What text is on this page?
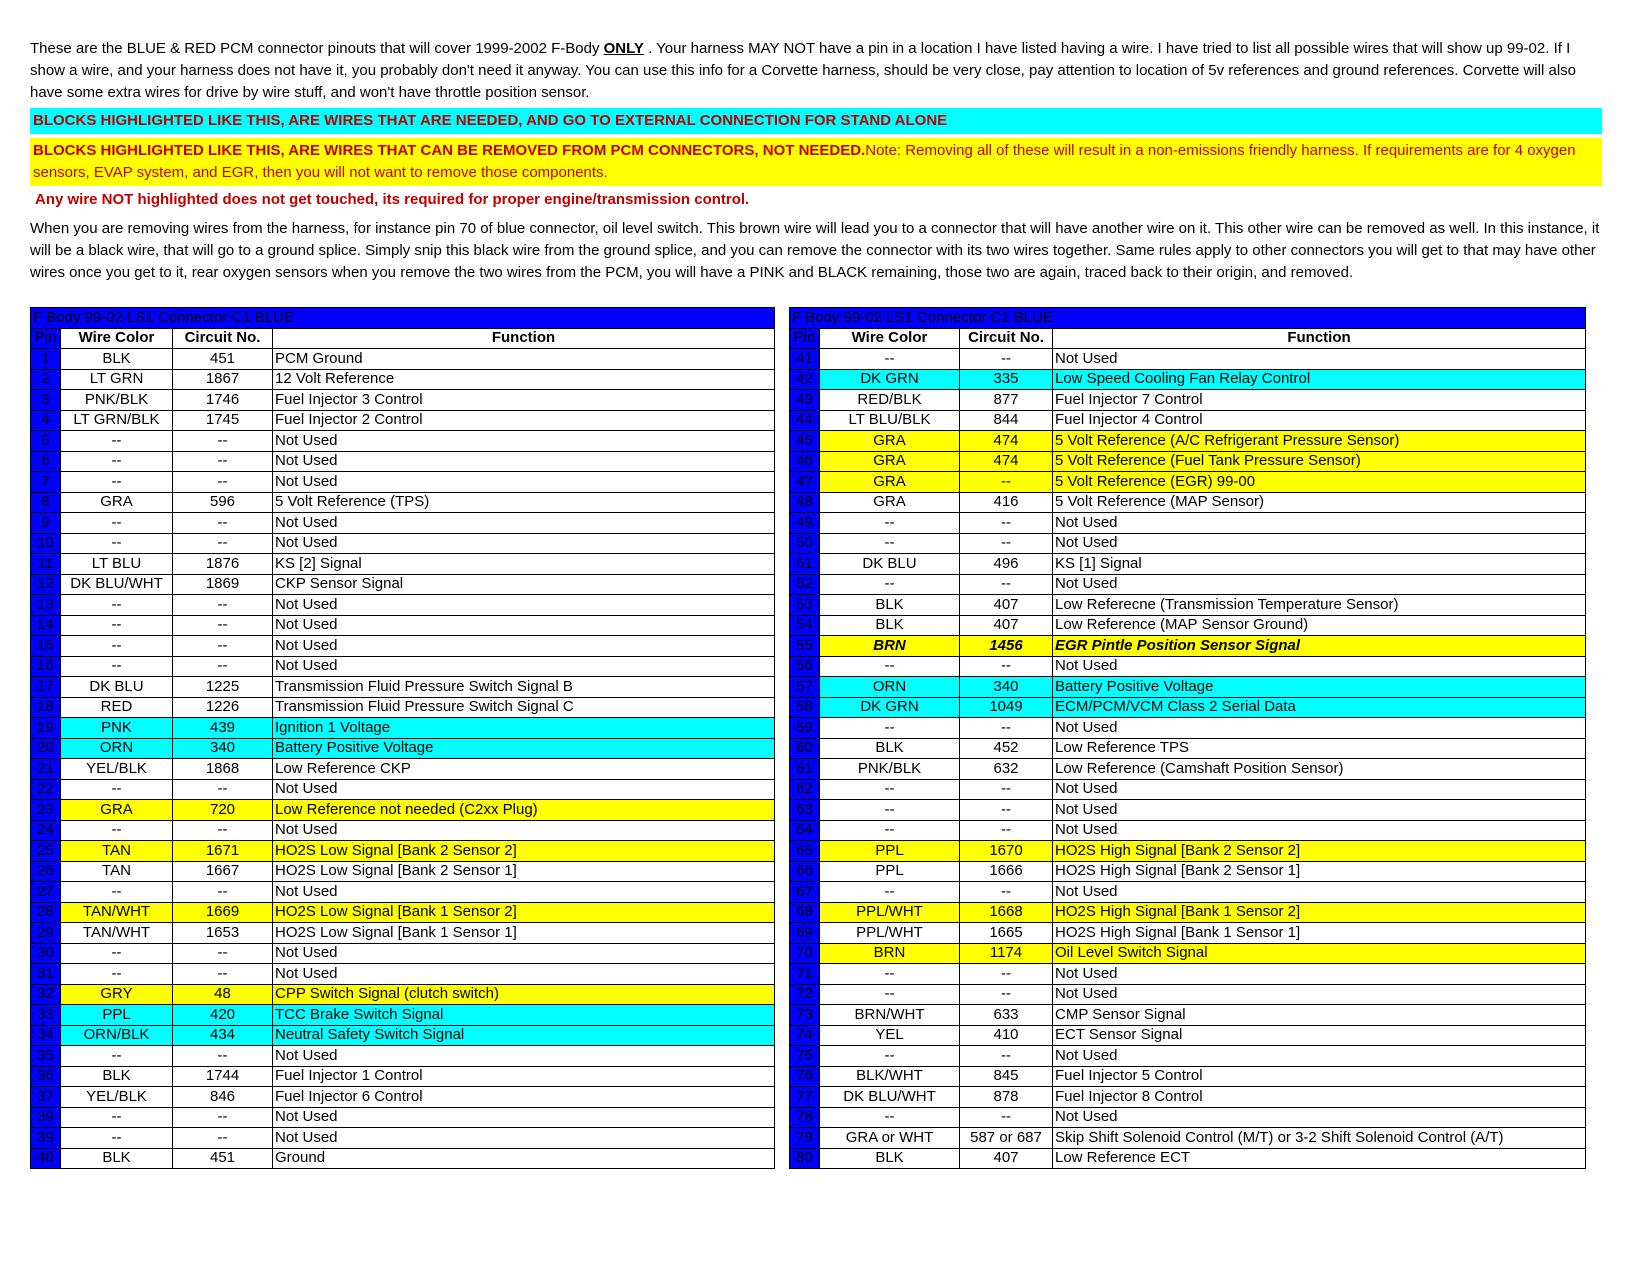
These are the BLUE & RED PCM connector pinouts that will cover 1999-2002 F-Body ONLY . Your harness MAY NOT have a pin in a location I have listed having a wire. I have tried to list all possible wires that will show up 99-02. If I show a wire, and your harness does not have it, you probably don't need it anyway. You can use this info for a Corvette harness, should be very close, pay attention to location of 5v references and ground references. Corvette will also have some extra wires for drive by wire stuff, and won't have throttle position sensor.

BLOCKS HIGHLIGHTED LIKE THIS, ARE WIRES THAT ARE NEEDED, AND GO TO EXTERNAL CONNECTION FOR STAND ALONE
BLOCKS HIGHLIGHTED LIKE THIS, ARE WIRES THAT CAN BE REMOVED FROM PCM CONNECTORS, NOT NEEDED.Note: Removing all of these will result in a non-emissions friendly harness. If requirements are for 4 oxygen sensors, EVAP system, and EGR, then you will not want to remove those components.
Any wire NOT highlighted does not get touched, its required for proper engine/transmission control.

When you are removing wires from the harness, for instance pin 70 of blue connector, oil level switch. This brown wire will lead you to a connector that will have another wire on it. This other wire can be removed as well. In this instance, it will be a black wire, that will go to a ground splice. Simply snip this black wire from the ground splice, and you can remove the connector with its two wires together. Same rules apply to other connectors you will get to that may have other wires once you get to it, rear oxygen sensors when you remove the two wires from the PCM, you will have a PINK and BLACK remaining, those two are again, traced back to their origin, and removed.

F Body 99-02 LS1 Connector C1 BLUE			
Pin	Wire Color	Circuit No.	Function
1	BLK	451	PCM Ground
2	LT GRN	1867	12 Volt Reference
3	PNK/BLK	1746	Fuel Injector 3 Control
4	LT GRN/BLK	1745	Fuel Injector 2 Control
5	--	--	Not Used
6	--	--	Not Used
7	--	--	Not Used
8	GRA	596	5 Volt Reference (TPS)
9	--	--	Not Used
10	--	--	Not Used
11	LT BLU	1876	KS [2] Signal
12	DK BLU/WHT	1869	CKP Sensor Signal
13	--	--	Not Used
14	--	--	Not Used
15	--	--	Not Used
16	--	--	Not Used
17	DK BLU	1225	Transmission Fluid Pressure Switch Signal B
18	RED	1226	Transmission Fluid Pressure Switch Signal C
19	PNK	439	Ignition 1 Voltage
20	ORN	340	Battery Positive Voltage
21	YEL/BLK	1868	Low Reference CKP
22	--	--	Not Used
23	GRA	720	Low Reference not needed (C2xx Plug)
24	--	--	Not Used
25	TAN	1671	HO2S Low Signal [Bank 2 Sensor 2]
26	TAN	1667	HO2S Low Signal [Bank 2 Sensor 1]
27	--	--	Not Used
28	TAN/WHT	1669	HO2S Low Signal [Bank 1 Sensor 2]
29	TAN/WHT	1653	HO2S Low Signal [Bank 1 Sensor 1]
30	--	--	Not Used
31	--	--	Not Used
32	GRY	48	CPP Switch Signal (clutch switch)
33	PPL	420	TCC Brake Switch Signal
34	ORN/BLK	434	Neutral Safety Switch Signal
35	--	--	Not Used
36	BLK	1744	Fuel Injector 1 Control
37	YEL/BLK	846	Fuel Injector 6 Control
39	--	--	Not Used
39	--	--	Not Used
40	BLK	451	Ground
F Body 99-02 LS1 Connector C1 BLUE			
Pin	Wire Color	Circuit No.	Function
41	--	--	Not Used
42	DK GRN	335	Low Speed Cooling Fan Relay Control
43	RED/BLK	877	Fuel Injector 7 Control
44	LT BLU/BLK	844	Fuel Injector 4 Control
45	GRA	474	5 Volt Reference (A/C Refrigerant Pressure Sensor)
46	GRA	474	5 Volt Reference (Fuel Tank Pressure Sensor)
47	GRA	--	5 Volt Reference (EGR) 99-00
48	GRA	416	5 Volt Reference (MAP Sensor)
49	--	--	Not Used
50	--	--	Not Used
51	DK BLU	496	KS [1] Signal
52	--	--	Not Used
53	BLK	407	Low Referecne (Transmission Temperature Sensor)
54	BLK	407	Low Reference (MAP Sensor Ground)
55	BRN	1456	EGR Pintle Position Sensor Signal
56	--	--	Not Used
57	ORN	340	Battery Positive Voltage
58	DK GRN	1049	ECM/PCM/VCM Class 2 Serial Data
59	--	--	Not Used
60	BLK	452	Low Reference TPS
61	PNK/BLK	632	Low Reference (Camshaft Position Sensor)
62	--	--	Not Used
63	--	--	Not Used
64	--	--	Not Used
65	PPL	1670	HO2S High Signal [Bank 2 Sensor 2]
66	PPL	1666	HO2S High Signal [Bank 2 Sensor 1]
67	--	--	Not Used
68	PPL/WHT	1668	HO2S High Signal [Bank 1 Sensor 2]
69	PPL/WHT	1665	HO2S High Signal [Bank 1 Sensor 1]
70	BRN	1174	Oil Level Switch Signal
71	--	--	Not Used
72	--	--	Not Used
73	BRN/WHT	633	CMP Sensor Signal
74	YEL	410	ECT Sensor Signal
75	--	--	Not Used
76	BLK/WHT	845	Fuel Injector 5 Control
77	DK BLU/WHT	878	Fuel Injector 8 Control
78	--	--	Not Used
79	GRA or WHT	587 or 687	Skip Shift Solenoid Control (M/T) or 3-2 Shift Solenoid Control (A/T)
80	BLK	407	Low Reference ECT
